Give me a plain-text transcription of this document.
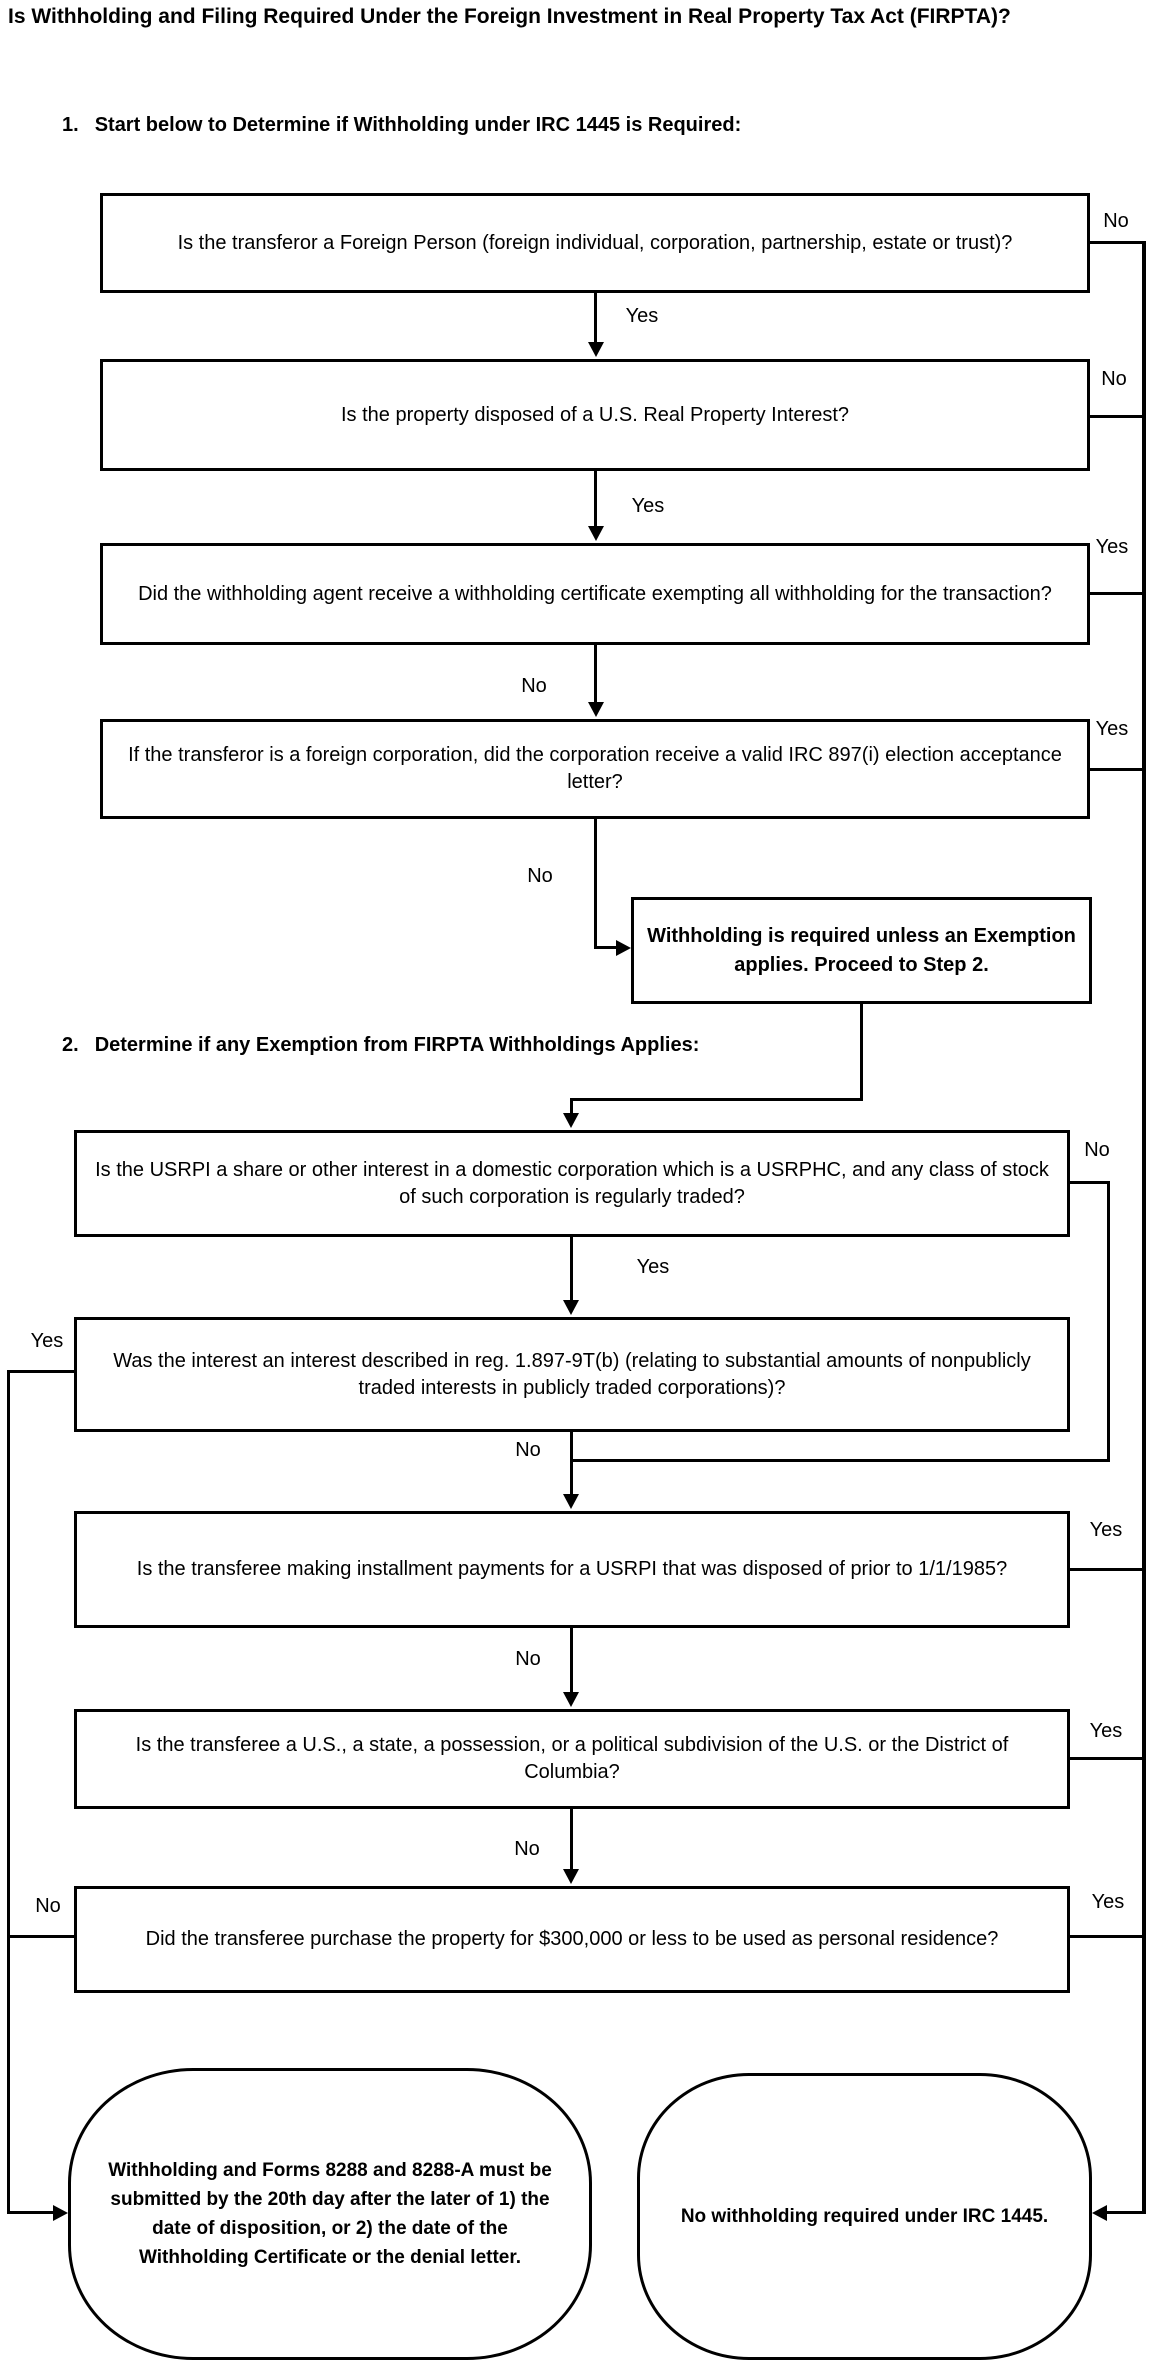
Is Withholding and Filing Required Under the Foreign Investment in Real Property Tax Act (FIRPTA)?
1. Start below to Determine if Withholding under IRC 1445 is Required:
2. Determine if any Exemption from FIRPTA Withholdings Applies:
Is the transferor a Foreign Person (foreign individual, corporation, partnership, estate or trust)?
Is the property disposed of a U.S. Real Property Interest?
Did the withholding agent receive a withholding certificate exempting all withholding for the transaction?
If the transferor is a foreign corporation, did the corporation receive a valid IRC 897(i) election acceptance letter?
Withholding is required unless an Exemption applies. Proceed to Step 2.
Is the USRPI a share or other interest in a domestic corporation which is a USRPHC, and any class of stock of such corporation is regularly traded?
Was the interest an interest described in reg. 1.897-9T(b) (relating to substantial amounts of nonpublicly traded interests in publicly traded corporations)?
Is the transferee making installment payments for a USRPI that was disposed of prior to 1/1/1985?
Is the transferee a U.S., a state, a possession, or a political subdivision of the U.S. or the District of Columbia?
Did the transferee purchase the property for $300,000 or less to be used as personal residence?
Withholding and Forms 8288 and 8288-A must be submitted by the 20th day after the later of 1) the date of disposition, or 2) the date of the Withholding Certificate or the denial letter.
No withholding required under IRC 1445.
Yes
No
Yes
No
No
Yes
No
Yes
Yes
No
Yes
No
Yes
No
Yes
No
No	Yes
